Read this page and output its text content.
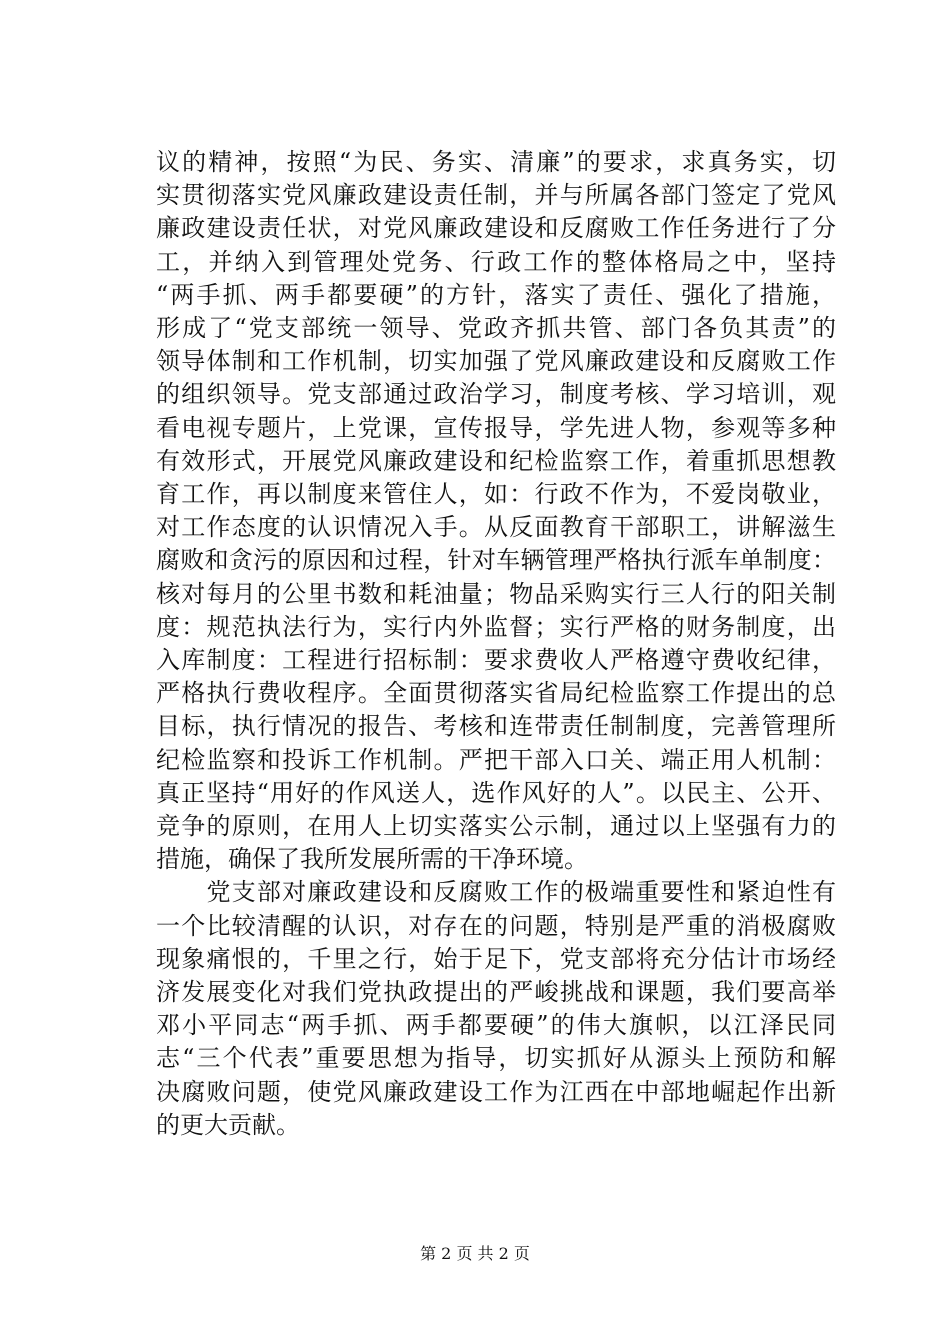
议的精神，按照“为民、务实、清廉”的要求，求真务实，切
实贯彻落实党风廉政建设责任制，并与所属各部门签定了党风
廉政建设责任状，对党风廉政建设和反腐败工作任务进行了分
工，并纳入到管理处党务、行政工作的整体格局之中，坚持
“两手抓、两手都要硬”的方针，落实了责任、强化了措施，
形成了“党支部统一领导、党政齐抓共管、部门各负其责”的
领导体制和工作机制，切实加强了党风廉政建设和反腐败工作
的组织领导。党支部通过政治学习，制度考核、学习培训，观
看电视专题片，上党课，宣传报导，学先进人物，参观等多种
有效形式，开展党风廉政建设和纪检监察工作，着重抓思想教
育工作，再以制度来管住人，如：行政不作为，不爱岗敬业，
对工作态度的认识情况入手。从反面教育干部职工，讲解滋生
腐败和贪污的原因和过程，针对车辆管理严格执行派车单制度：
核对每月的公里书数和耗油量；物品采购实行三人行的阳关制
度：规范执法行为，实行内外监督；实行严格的财务制度，出
入库制度：工程进行招标制：要求费收人严格遵守费收纪律，
严格执行费收程序。全面贯彻落实省局纪检监察工作提出的总
目标，执行情况的报告、考核和连带责任制制度，完善管理所
纪检监察和投诉工作机制。严把干部入口关、端正用人机制：
真正坚持“用好的作风送人，选作风好的人”。以民主、公开、
竞争的原则，在用人上切实落实公示制，通过以上坚强有力的
措施，确保了我所发展所需的干净环境。
　　党支部对廉政建设和反腐败工作的极端重要性和紧迫性有
一个比较清醒的认识，对存在的问题，特别是严重的消极腐败
现象痛恨的，千里之行，始于足下，党支部将充分估计市场经
济发展变化对我们党执政提出的严峻挑战和课题，我们要高举
邓小平同志“两手抓、两手都要硬”的伟大旗帜，以江泽民同
志“三个代表”重要思想为指导，切实抓好从源头上预防和解
决腐败问题，使党风廉政建设工作为江西在中部地崛起作出新
的更大贡献。
第 2 页 共 2 页
